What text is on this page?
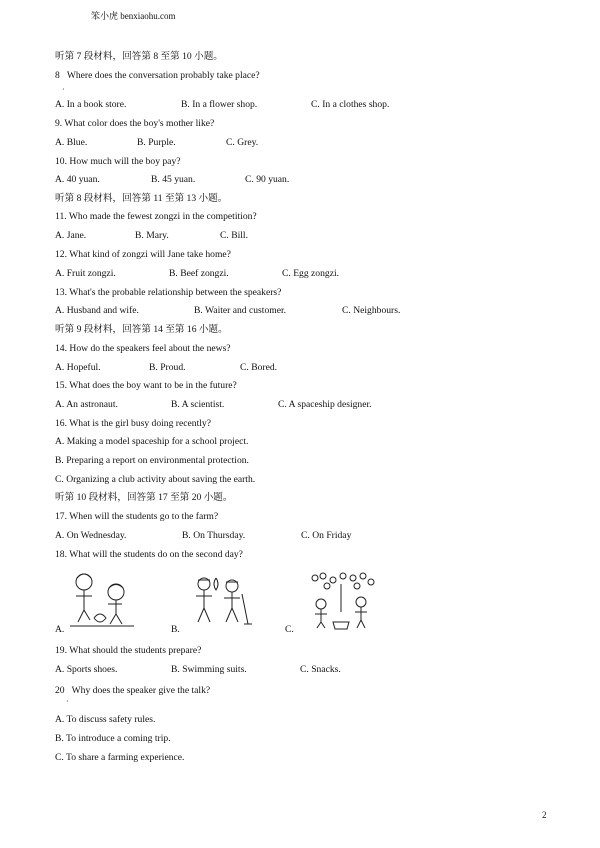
笨小虎 benxiaohu.com
听第 7 段材料，回答第 8 至第 10 小题。
8   Where does the conversation probably take place?
·
A. In a book store.	B. In a flower shop.	C. In a clothes shop.
9. What color does the boy's mother like?
A. Blue.	B. Purple.	C. Grey.
10. How much will the boy pay?
A. 40 yuan.	B. 45 yuan.	C. 90 yuan.
听第 8 段材料，回答第 11 至第 13 小题。
11. Who made the fewest zongzi in the competition?
A. Jane.	B. Mary.	C. Bill.
12. What kind of zongzi will Jane take home?
A. Fruit zongzi.	B. Beef zongzi.	C. Egg zongzi.
13. What's the probable relationship between the speakers?
A. Husband and wife.	B. Waiter and customer.	C. Neighbours.
听第 9 段材料，回答第 14 至第 16 小题。
14. How do the speakers feel about the news?
A. Hopeful.	B. Proud.	C. Bored.
15. What does the boy want to be in the future?
A. An astronaut.	B. A scientist.	C. A spaceship designer.
16. What is the girl busy doing recently?
A. Making a model spaceship for a school project.
B. Preparing a report on environmental protection.
C. Organizing a club activity about saving the earth.
听第 10 段材料，回答第 17 至第 20 小题。
17. When will the students go to the farm?
A. On Wednesday.	B. On Thursday.	C. On Friday
18. What will the students do on the second day?
A.	B.	C.
19. What should the students prepare?
A. Sports shoes.	B. Swimming suits.	C. Snacks.
20   Why does the speaker give the talk?
·
A. To discuss safety rules.
B. To introduce a coming trip.
C. To share a farming experience.
2
